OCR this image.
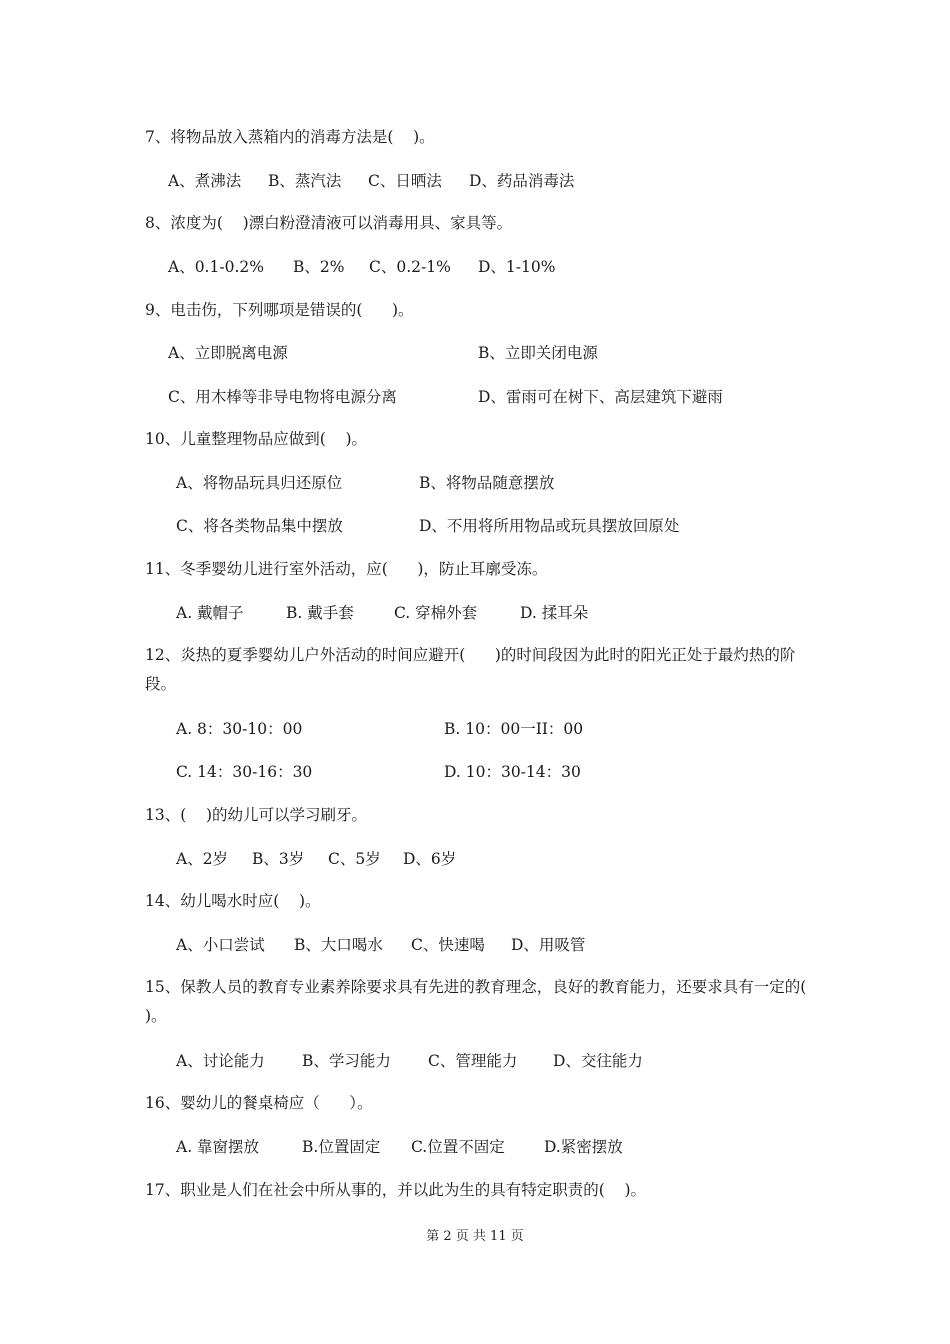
7、将物品放入蒸箱内的消毒方法是(    )。

A、煮沸法 B、蒸汽法 C、日晒法 D、药品消毒法

8、浓度为(    )漂白粉澄清液可以消毒用具、家具等。

A、0.1-0.2% B、2% C、0.2-1% D、1-10%

9、电击伤，下列哪项是错误的(      )。

A、立即脱离电源	B、立即关闭电源
C、用木棒等非导电物将电源分离	D、雷雨可在树下、高层建筑下避雨

10、儿童整理物品应做到(    )。

A、将物品玩具归还原位	B、将物品随意摆放
C、将各类物品集中摆放	D、不用将所用物品或玩具摆放回原处

11、冬季婴幼儿进行室外活动，应(      )，防止耳廓受冻。

A. 戴帽子	B. 戴手套	C. 穿棉外套	D. 揉耳朵

12、炎热的夏季婴幼儿户外活动的时间应避开(      )的时间段因为此时的阳光正处于最灼热的阶段。

A. 8：30-10：00	B. 10：00一II：00
C. 14：30-16：30	D. 10：30-14：30

13、(    )的幼儿可以学习刷牙。

A、2岁 B、3岁 C、5岁 D、6岁

14、幼儿喝水时应(    )。

A、小口尝试 B、大口喝水 C、快速喝 D、用吸管

15、保教人员的教育专业素养除要求具有先进的教育理念，良好的教育能力，还要求具有一定的(     )。

A、讨论能力 B、学习能力 C、管理能力 D、交往能力

16、婴幼儿的餐桌椅应（      ）。

A. 靠窗摆放	B.位置固定 C.位置不固定	D.紧密摆放

17、职业是人们在社会中所从事的，并以此为生的具有特定职责的(    )。

第 2 页 共 11 页
